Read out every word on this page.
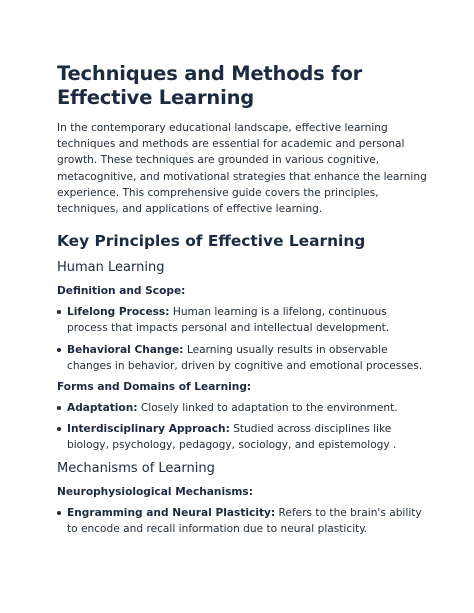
Techniques and Methods for Effective Learning

In the contemporary educational landscape, effective learning techniques and methods are essential for academic and personal growth. These techniques are grounded in various cognitive, metacognitive, and motivational strategies that enhance the learning experience. This comprehensive guide covers the principles, techniques, and applications of effective learning.

Key Principles of Effective Learning
Human Learning
Definition and Scope:
Lifelong Process: Human learning is a lifelong, continuous process that impacts personal and intellectual development.
Behavioral Change: Learning usually results in observable changes in behavior, driven by cognitive and emotional processes.
Forms and Domains of Learning:
Adaptation: Closely linked to adaptation to the environment.
Interdisciplinary Approach: Studied across disciplines like biology, psychology, pedagogy, sociology, and epistemology .
Mechanisms of Learning
Neurophysiological Mechanisms:
Engramming and Neural Plasticity: Refers to the brain's ability to encode and recall information due to neural plasticity.
